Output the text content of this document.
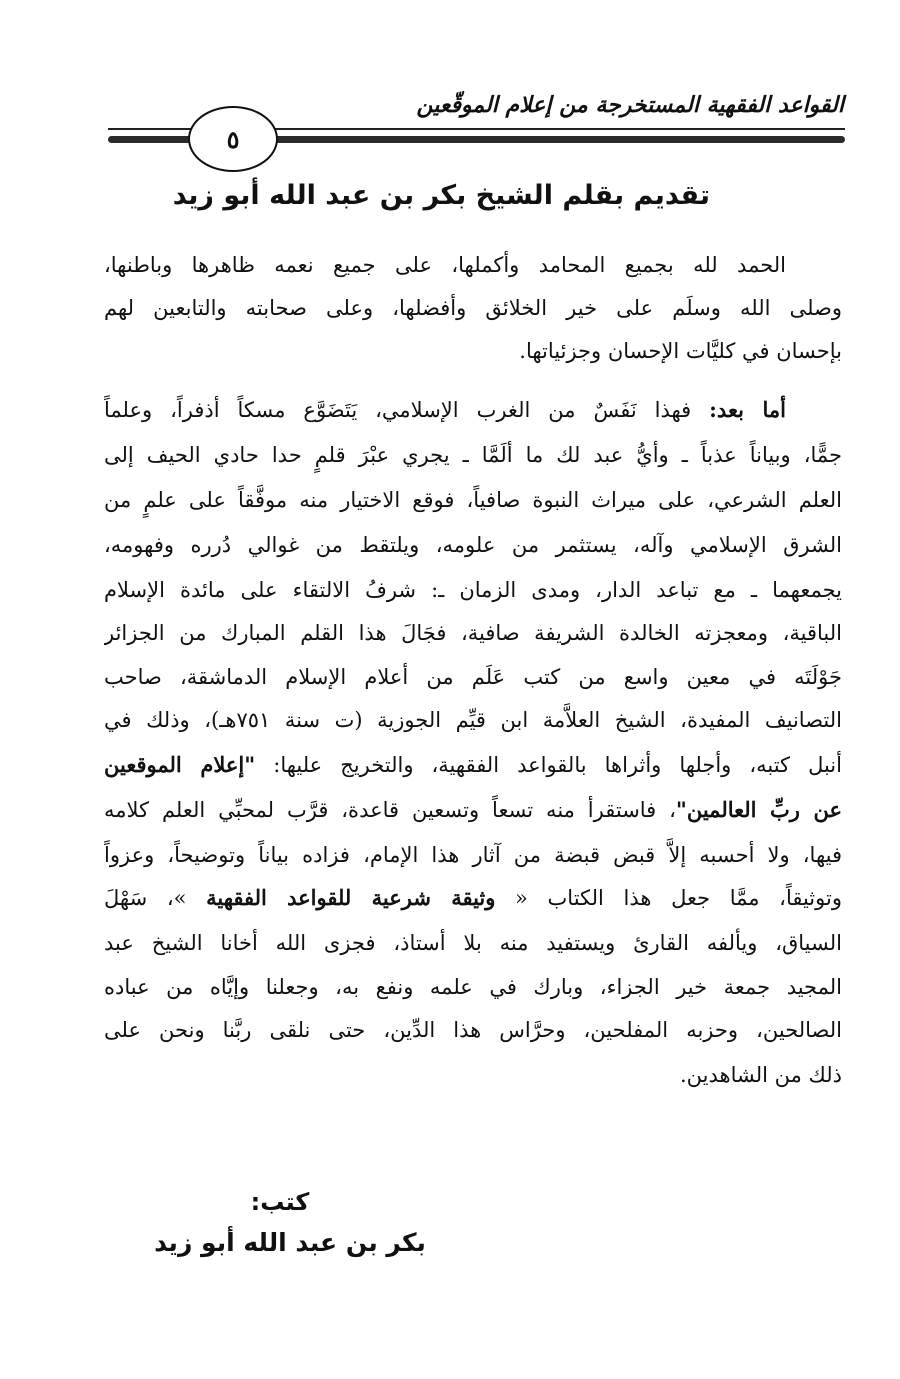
القواعد الفقهية المستخرجة من إعلام الموقّعين
٥
تقديم بقلم الشيخ بكر بن عبد الله أبو زيد
الحمد لله بجميع المحامد وأكملها، على جميع نعمه ظاهرها وباطنها،
وصلى الله وسلَم على خير الخلائق وأفضلها، وعلى صحابته والتابعين لهم
بإحسان في كليَّات الإحسان وجزئياتها.
أما بعد: فهذا نَفَسٌ من الغرب الإسلامي، يَتَضَوَّع مسكاً أذفراً، وعلماً
جمًّا، وبياناً عذباً ـ وأيُّ عبد لك ما ألَمَّا ـ يجري عبْرَ قلمٍ حدا حادي الحيف إلى
العلم الشرعي، على ميراث النبوة صافياً، فوقع الاختيار منه موفَّقاً على علمٍ من
الشرق الإسلامي وآله، يستثمر من علومه، ويلتقط من غوالي دُرره وفهومه،
يجمعهما ـ مع تباعد الدار، ومدى الزمان ـ: شرفُ الالتقاء على مائدة الإسلام
الباقية، ومعجزته الخالدة الشريفة صافية، فجَالَ هذا القلم المبارك من الجزائر
جَوْلَتَه في معين واسع من كتب عَلَم من أعلام الإسلام الدماشقة، صاحب
التصانيف المفيدة، الشيخ العلاَّمة ابن قيِّم الجوزية (ت سنة ٧٥١هـ)، وذلك في
أنبل كتبه، وأجلها وأثراها بالقواعد الفقهية، والتخريج عليها: "إعلام الموقعين
عن ربِّ العالمين"، فاستقرأ منه تسعاً وتسعين قاعدة، قرَّب لمحبِّي العلم كلامه
فيها، ولا أحسبه إلاَّ قبض قبضة من آثار هذا الإمام، فزاده بياناً وتوضيحاً، وعزواً
وتوثيقاً، ممَّا جعل هذا الكتاب « وثيقة شرعية للقواعد الفقهية »، سَهْلَ
السياق، ويألفه القارئ ويستفيد منه بلا أستاذ، فجزى الله أخانا الشيخ عبد
المجيد جمعة خير الجزاء، وبارك في علمه ونفع به، وجعلنا وإيَّاه من عباده
الصالحين، وحزبه المفلحين، وحرَّاس هذا الدِّين، حتى نلقى ربَّنا ونحن على
ذلك من الشاهدين.
كتب:
بكر بن عبد الله أبو زيد
